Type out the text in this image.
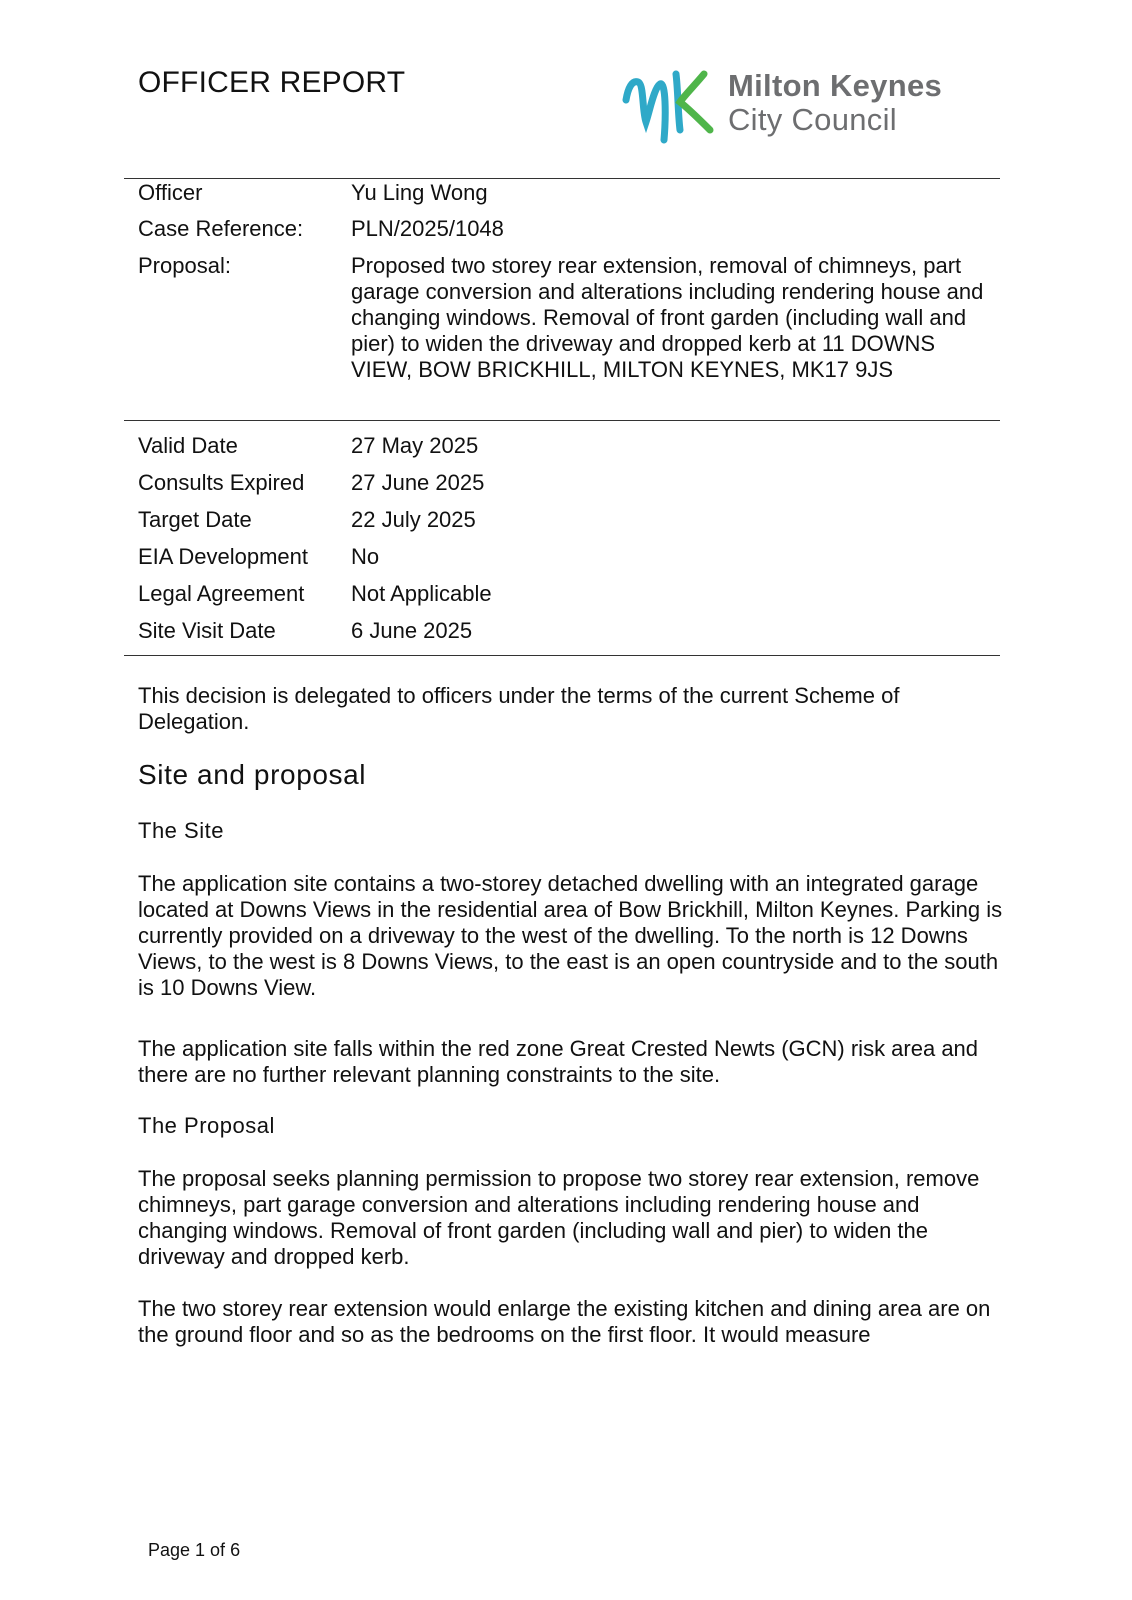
OFFICER REPORT	Milton Keynes
City Council
Officer	Yu Ling Wong
Case Reference:	PLN/2025/1048
Proposal:	Proposed two storey rear extension, removal of chimneys, part garage conversion and alterations including rendering house and changing windows. Removal of front garden (including wall and pier) to widen the driveway and dropped kerb at 11 DOWNS VIEW, BOW BRICKHILL, MILTON KEYNES, MK17 9JS
Valid Date	27 May 2025
Consults Expired	27 June 2025
Target Date	22 July 2025
EIA Development	No
Legal Agreement	Not Applicable
Site Visit Date	6 June 2025
This decision is delegated to officers under the terms of the current Scheme of Delegation.
Site and proposal
The Site
The application site contains a two-storey detached dwelling with an integrated garage located at Downs Views in the residential area of Bow Brickhill, Milton Keynes. Parking is currently provided on a driveway to the west of the dwelling. To the north is 12 Downs Views, to the west is 8 Downs Views, to the east is an open countryside and to the south is 10 Downs View.
The application site falls within the red zone Great Crested Newts (GCN) risk area and there are no further relevant planning constraints to the site.
The Proposal
The proposal seeks planning permission to propose two storey rear extension, remove chimneys, part garage conversion and alterations including rendering house and changing windows. Removal of front garden (including wall and pier) to widen the driveway and dropped kerb.
The two storey rear extension would enlarge the existing kitchen and dining area are on the ground floor and so as the bedrooms on the first floor. It would measure
Page 1 of 6
